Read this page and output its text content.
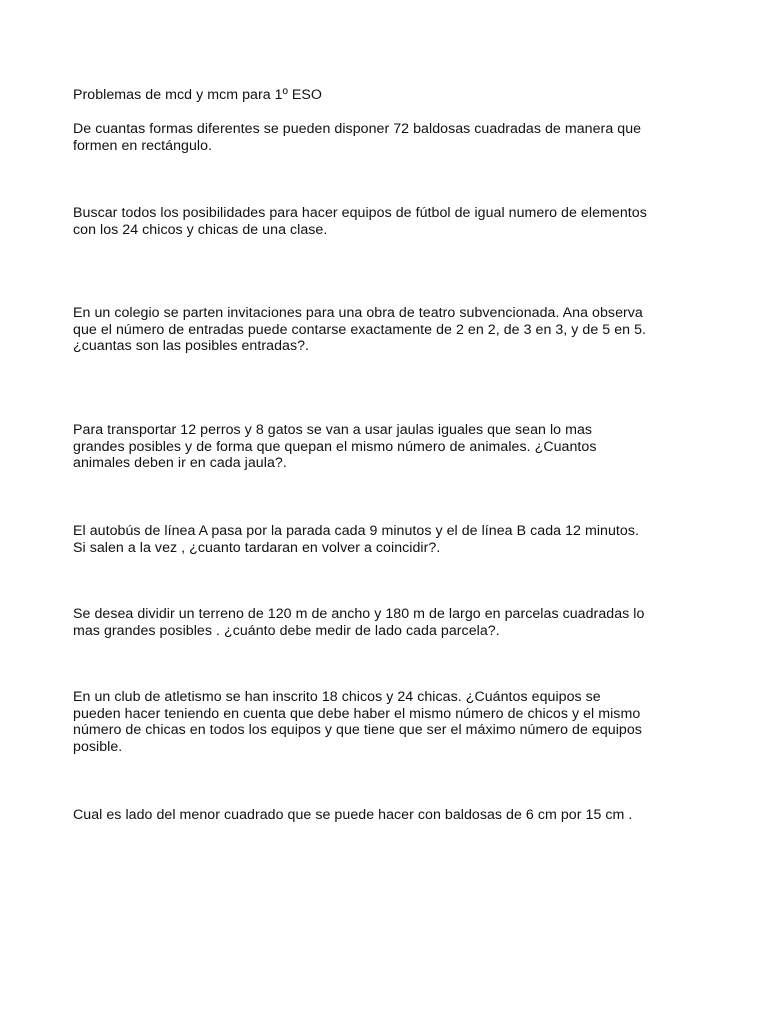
Problemas de mcd y mcm para 1º ESO
De cuantas formas diferentes se pueden disponer 72 baldosas cuadradas de manera que
formen en rectángulo.
Buscar todos los posibilidades para hacer equipos de fútbol de igual numero de elementos
con los 24 chicos y chicas de una clase.
En un colegio se parten invitaciones para una obra de teatro subvencionada. Ana observa
que el número de entradas puede contarse exactamente de 2 en 2, de 3 en 3, y de 5 en 5.
¿cuantas son las posibles entradas?.
Para transportar 12 perros y 8 gatos se van a usar jaulas iguales que sean lo mas
grandes posibles y de forma que quepan el mismo número de animales. ¿Cuantos
animales deben ir en cada jaula?.
El autobús de línea A pasa por la parada cada 9 minutos y el de línea B cada 12 minutos.
Si salen a la vez , ¿cuanto tardaran en volver a coincidir?.
Se desea dividir un terreno de 120 m de ancho y 180 m de largo en parcelas cuadradas lo
mas grandes posibles . ¿cuánto debe medir de lado cada parcela?.
En un club de atletismo se han inscrito 18 chicos y 24 chicas. ¿Cuántos equipos se
pueden hacer teniendo en cuenta que debe haber el mismo número de chicos y el mismo
número de chicas en todos los equipos y que tiene que ser el máximo número de equipos
posible.
Cual es lado del menor cuadrado que se puede hacer con baldosas de 6 cm por 15 cm .
